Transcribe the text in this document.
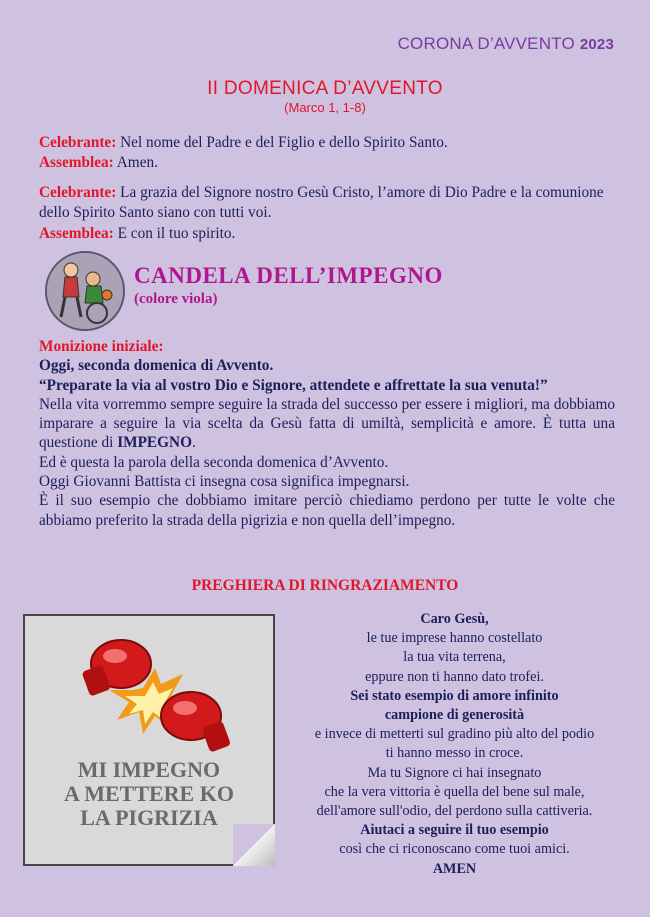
CORONA D’AVVENTO 2023
II DOMENICA D’AVVENTO
(Marco 1, 1-8)
Celebrante: Nel nome del Padre e del Figlio e dello Spirito Santo.
Assemblea: Amen.
Celebrante: La grazia del Signore nostro Gesù Cristo, l’amore di Dio Padre e la comunione dello Spirito Santo siano con tutti voi.
Assemblea: E con il tuo spirito.
CANDELA DELL’IMPEGNO
(colore viola)
Monizione iniziale:
Oggi, seconda domenica di Avvento.
“Preparate la via al vostro Dio e Signore, attendete e affrettate la sua venuta!”
Nella vita vorremmo sempre seguire la strada del successo per essere i migliori, ma dobbiamo imparare a seguire la via scelta da Gesù fatta di umiltà, semplicità e amore. È tutta una questione di IMPEGNO.
Ed è questa la parola della seconda domenica d’Avvento.
Oggi Giovanni Battista ci insegna cosa significa impegnarsi.
È il suo esempio che dobbiamo imitare perciò chiediamo perdono per tutte le volte che abbiamo preferito la strada della pigrizia e non quella dell’impegno.
PREGHIERA DI RINGRAZIAMENTO
MI IMPEGNO
A METTERE KO
LA PIGRIZIA
Caro Gesù,
le tue imprese hanno costellato
la tua vita terrena,
eppure non ti hanno dato trofei.
Sei stato esempio di amore infinito
campione di generosità
e invece di metterti sul gradino più alto del podio
ti hanno messo in croce.
Ma tu Signore ci hai insegnato
che la vera vittoria è quella del bene sul male,
dell'amore sull'odio, del perdono sulla cattiveria.
Aiutaci a seguire il tuo esempio
così che ci riconoscano come tuoi amici.
AMEN
